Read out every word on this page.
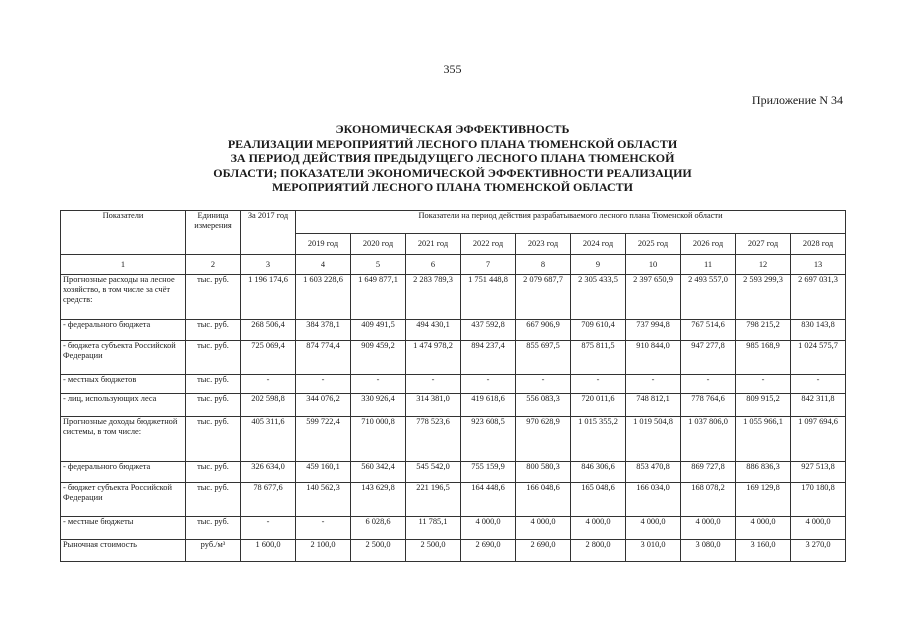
355
Приложение N 34
ЭКОНОМИЧЕСКАЯ ЭФФЕКТИВНОСТЬ
РЕАЛИЗАЦИИ МЕРОПРИЯТИЙ ЛЕСНОГО ПЛАНА ТЮМЕНСКОЙ ОБЛАСТИ
ЗА ПЕРИОД ДЕЙСТВИЯ ПРЕДЫДУЩЕГО ЛЕСНОГО ПЛАНА ТЮМЕНСКОЙ
ОБЛАСТИ; ПОКАЗАТЕЛИ ЭКОНОМИЧЕСКОЙ ЭФФЕКТИВНОСТИ РЕАЛИЗАЦИИ
МЕРОПРИЯТИЙ ЛЕСНОГО ПЛАНА ТЮМЕНСКОЙ ОБЛАСТИ
Показатели	Единица измерения	За 2017 год	Показатели на период действия разрабатываемого лесного плана Тюменской области									
			2019 год	2020 год	2021 год	2022 год	2023 год	2024 год	2025 год	2026 год	2027 год	2028 год
1	2	3	4	5	6	7	8	9	10	11	12	13
Прогнозные расходы на лесное хозяйство, в том числе за счёт средств:	тыс. руб.	1 196 174,6	1 603 228,6	1 649 877,1	2 283 789,3	1 751 448,8	2 079 687,7	2 305 433,5	2 397 650,9	2 493 557,0	2 593 299,3	2 697 031,3
- федерального бюджета	тыс. руб.	268 506,4	384 378,1	409 491,5	494 430,1	437 592,8	667 906,9	709 610,4	737 994,8	767 514,6	798 215,2	830 143,8
- бюджета субъекта Российской Федерации	тыс. руб.	725 069,4	874 774,4	909 459,2	1 474 978,2	894 237,4	855 697,5	875 811,5	910 844,0	947 277,8	985 168,9	1 024 575,7
- местных бюджетов	тыс. руб.	-	-	-	-	-	-	-	-	-	-	-
- лиц, использующих леса	тыс. руб.	202 598,8	344 076,2	330 926,4	314 381,0	419 618,6	556 083,3	720 011,6	748 812,1	778 764,6	809 915,2	842 311,8
Прогнозные доходы бюджетной системы, в том числе:	тыс. руб.	405 311,6	599 722,4	710 000,8	778 523,6	923 608,5	970 628,9	1 015 355,2	1 019 504,8	1 037 806,0	1 055 966,1	1 097 694,6
- федерального бюджета	тыс. руб.	326 634,0	459 160,1	560 342,4	545 542,0	755 159,9	800 580,3	846 306,6	853 470,8	869 727,8	886 836,3	927 513,8
- бюджет субъекта Российской Федерации	тыс. руб.	78 677,6	140 562,3	143 629,8	221 196,5	164 448,6	166 048,6	165 048,6	166 034,0	168 078,2	169 129,8	170 180,8
- местные бюджеты	тыс. руб.	-	-	6 028,6	11 785,1	4 000,0	4 000,0	4 000,0	4 000,0	4 000,0	4 000,0	4 000,0
Рыночная стоимость	руб./м³	1 600,0	2 100,0	2 500,0	2 500,0	2 690,0	2 690,0	2 800,0	3 010,0	3 080,0	3 160,0	3 270,0
